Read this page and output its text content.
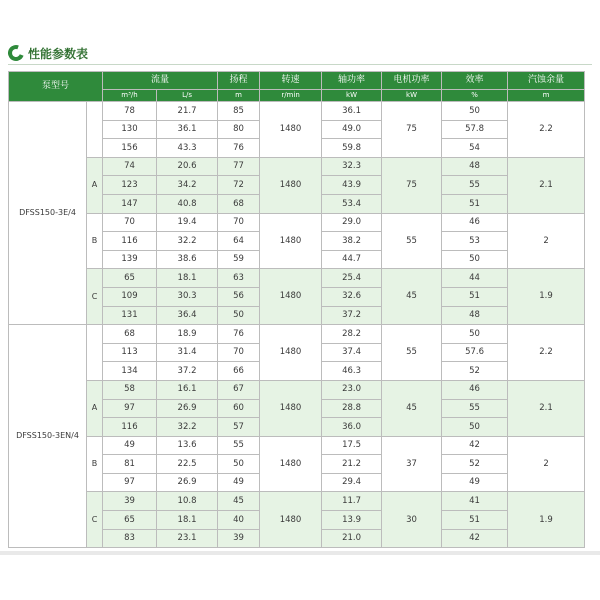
性能参数表
泵型号		流量		扬程	转速	轴功率	电机功率	效率	汽蚀余量
		m³/h	L/s	m	r/min	kW	kW	%	m
DFSS150-3E/4		78	21.7	85	1480	36.1	75	50	2.2
		130	36.1	80		49.0		57.8	
		156	43.3	76		59.8		54	
	A	74	20.6	77	1480	32.3	75	48	2.1
		123	34.2	72		43.9		55	
		147	40.8	68		53.4		51	
	B	70	19.4	70	1480	29.0	55	46	2
		116	32.2	64		38.2		53	
		139	38.6	59		44.7		50	
	C	65	18.1	63	1480	25.4	45	44	1.9
		109	30.3	56		32.6		51	
		131	36.4	50		37.2		48	
DFSS150-3EN/4		68	18.9	76	1480	28.2	55	50	2.2
		113	31.4	70		37.4		57.6	
		134	37.2	66		46.3		52	
	A	58	16.1	67	1480	23.0	45	46	2.1
		97	26.9	60		28.8		55	
		116	32.2	57		36.0		50	
	B	49	13.6	55	1480	17.5	37	42	2
		81	22.5	50		21.2		52	
		97	26.9	49		29.4		49	
	C	39	10.8	45	1480	11.7	30	41	1.9
		65	18.1	40		13.9		51	
		83	23.1	39		21.0		42	
